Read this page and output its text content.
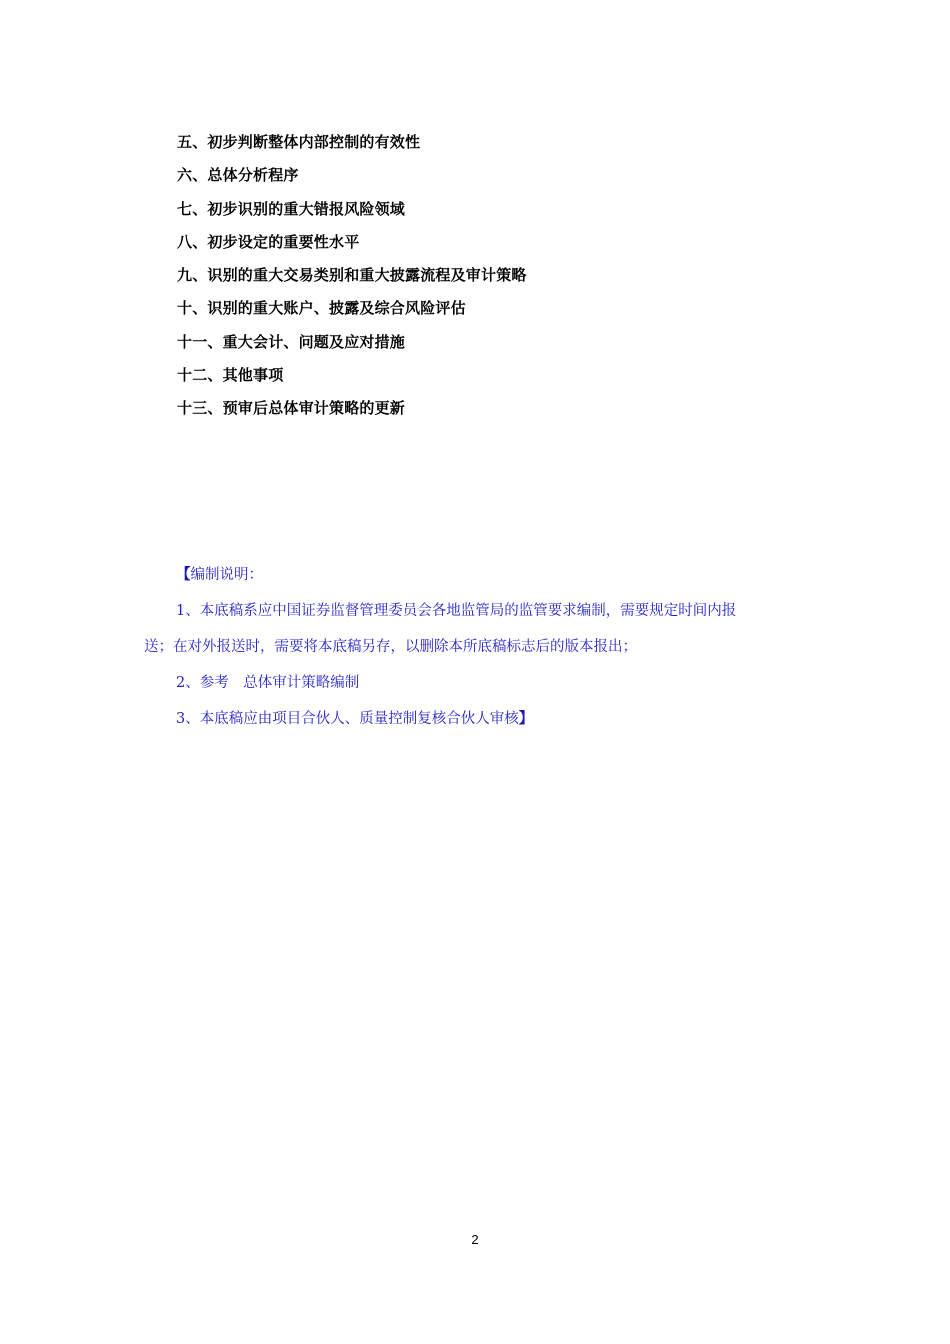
五、初步判断整体内部控制的有效性
六、总体分析程序
七、初步识别的重大错报风险领域
八、初步设定的重要性水平
九、识别的重大交易类别和重大披露流程及审计策略
十、识别的重大账户、披露及综合风险评估
十一、重大会计、问题及应对措施
十二、其他事项
十三、预审后总体审计策略的更新
【编制说明：
1、本底稿系应中国证券监督管理委员会各地监管局的监管要求编制，需要规定时间内报
送；在对外报送时，需要将本底稿另存，以删除本所底稿标志后的版本报出；
2、参考　总体审计策略编制
3、本底稿应由项目合伙人、质量控制复核合伙人审核】
2
